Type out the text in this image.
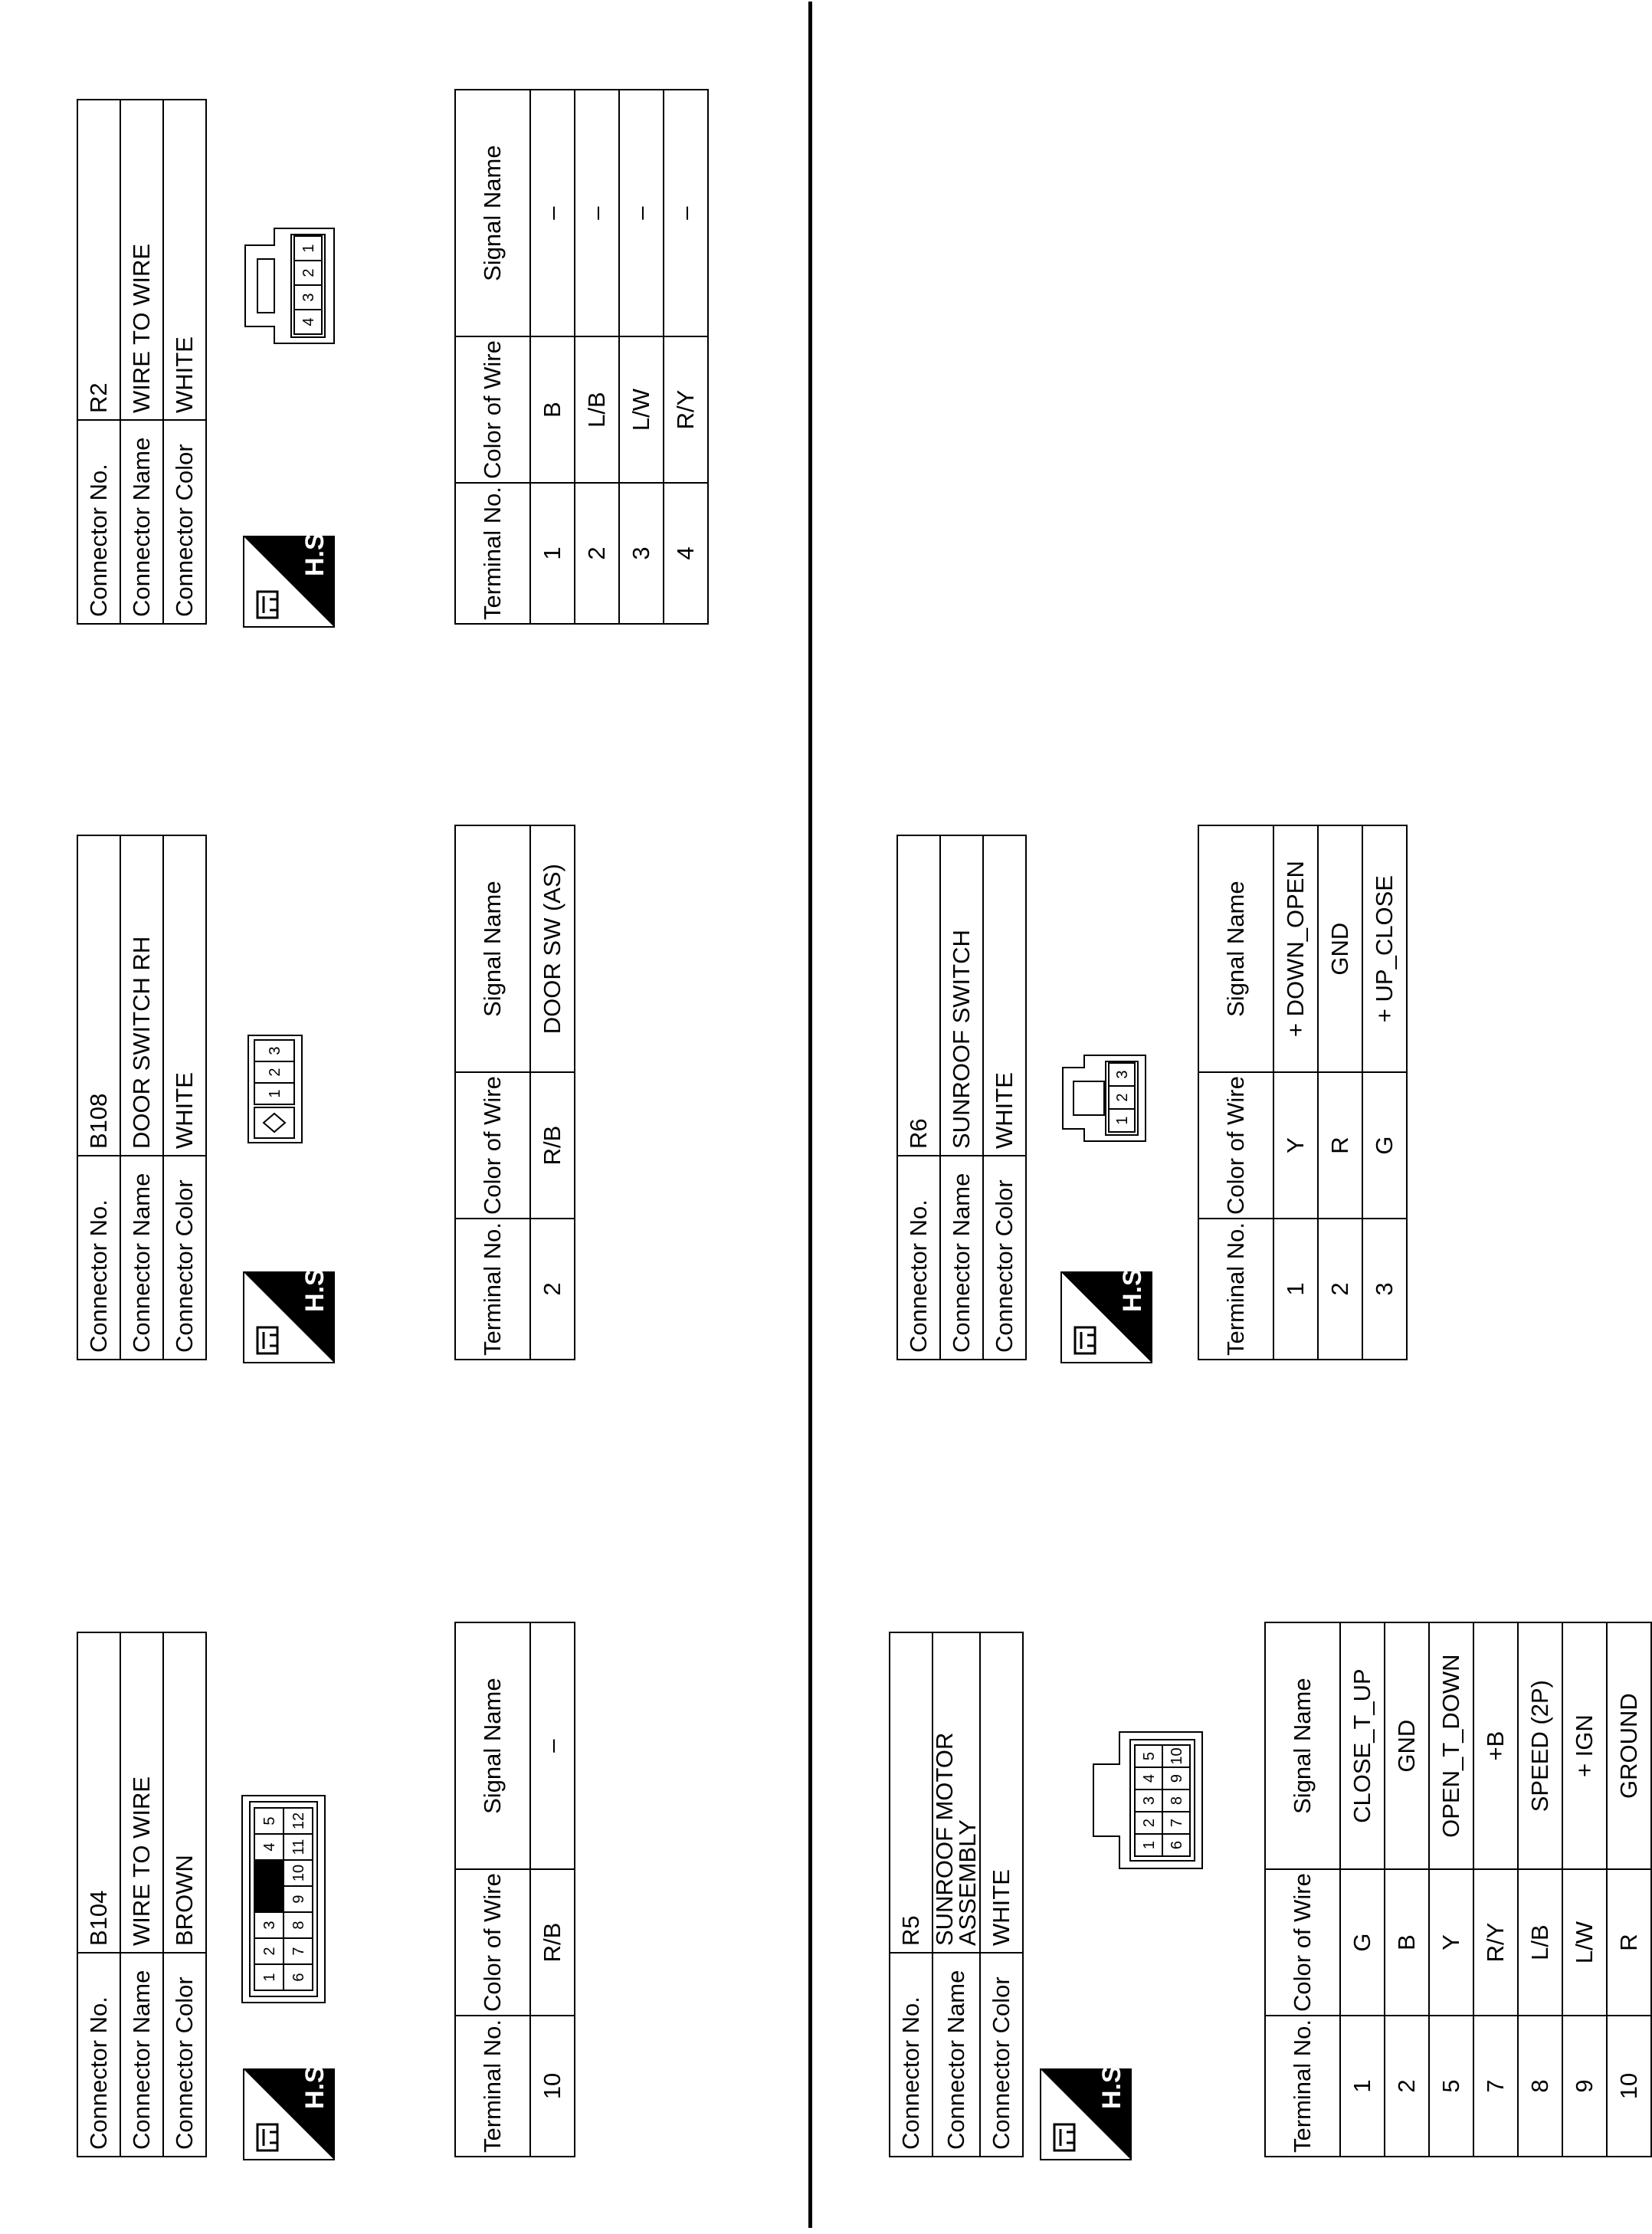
Connector No.	B104
Connector Name	WIRE TO WIRE
Connector Color	BROWN
H.S.
1
2
3
4
5
6
7
8
9
10
11
12
Terminal No.	Color of Wire	Signal Name
10	R/B	–
Connector No.	B108
Connector Name	DOOR SWITCH RH
Connector Color	WHITE
H.S.
1
2
3
Terminal No.	Color of Wire	Signal Name
2	R/B	DOOR SW (AS)
Connector No.	R2
Connector Name	WIRE TO WIRE
Connector Color	WHITE
H.S.
4
3
2
1
Terminal No.	Color of Wire	Signal Name
1	B	–
2	L/B	–
3	L/W	–
4	R/Y	–
Connector No.	R5
Connector Name	SUNROOF MOTOR ASSEMBLY
Connector Color	WHITE
H.S.
1
2
3
4
5
6
7
8
9
10
Terminal No.	Color of Wire	Signal Name
1	G	CLOSE_T_UP
2	B	GND
5	Y	OPEN_T_DOWN
7	R/Y	+B
8	L/B	SPEED (2P)
9	L/W	+ IGN
10	R	GROUND
Connector No.	R6
Connector Name	SUNROOF SWITCH
Connector Color	WHITE
H.S.
1
2
3
Terminal No.	Color of Wire	Signal Name
1	Y	+ DOWN_OPEN
2	R	GND
3	G	+ UP_CLOSE
